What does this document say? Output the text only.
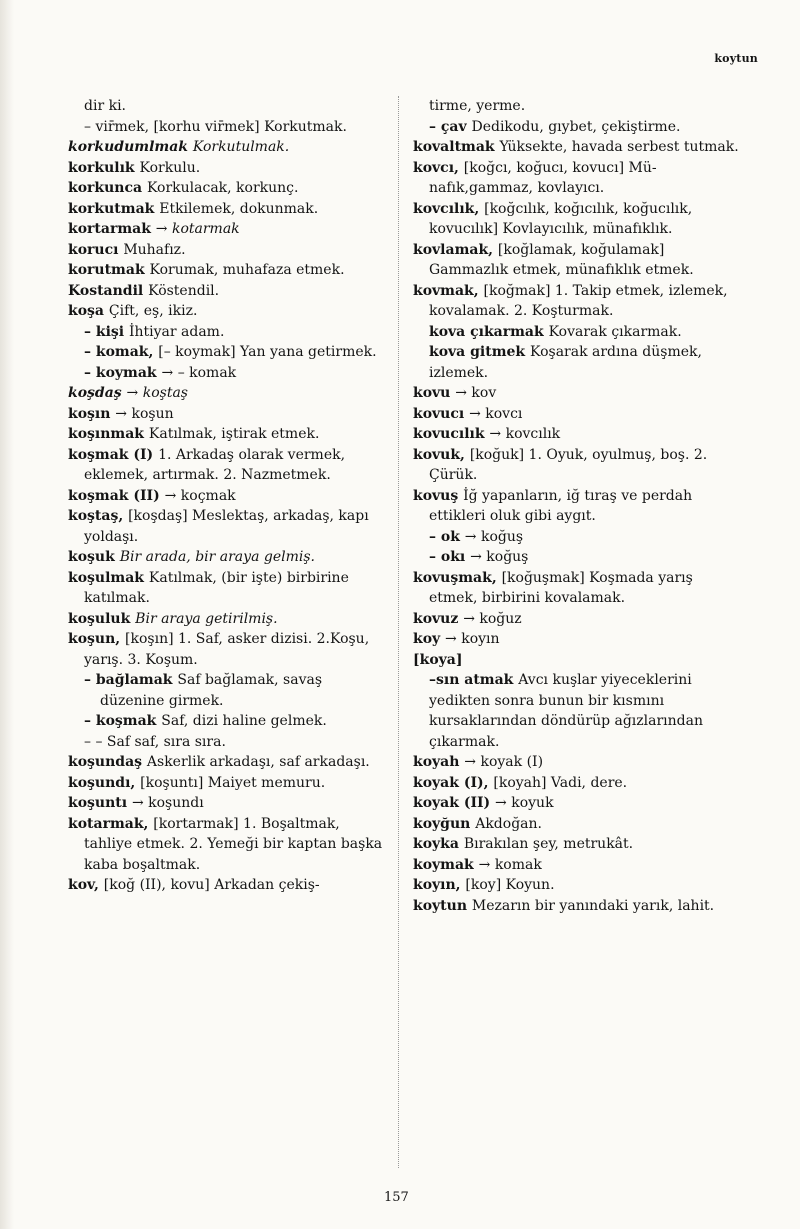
koytun

dir ki.

– vir̄mek, [korhu vir̄mek] Korkutmak.

korkudumlmak Korkutulmak.

korkulık Korkulu.

korkunca Korkulacak, korkunç.

korkutmak Etkilemek, dokunmak.

kortarmak → kotarmak

korucı Muhafız.

korutmak Korumak, muhafaza etmek.

Kostandil Köstendil.

koşa Çift, eş, ikiz.

– kişi İhtiyar adam.

– komak, [– koymak] Yan yana getirmek.

– koymak → – komak

koşdaş → koştaş

koşın → koşun

koşınmak Katılmak, iştirak etmek.

koşmak (I) 1. Arkadaş olarak vermek, eklemek, artırmak. 2. Nazmetmek.

koşmak (II) → koçmak

koştaş, [koşdaş] Meslektaş, arkadaş, kapı yoldaşı.

koşuk Bir arada, bir araya gelmiş.

koşulmak Katılmak, (bir işte) birbirine katılmak.

koşuluk Bir araya getirilmiş.

koşun, [koşın] 1. Saf, asker dizisi. 2.Koşu, yarış. 3. Koşum.

– bağlamak Saf bağlamak, savaş düzenine girmek.

– koşmak Saf, dizi haline gelmek.

– – Saf saf, sıra sıra.

koşundaş Askerlik arkadaşı, saf arkadaşı.

koşundı, [koşuntı] Maiyet memuru.

koşuntı → koşundı

kotarmak, [kortarmak] 1. Boşaltmak, tahliye etmek. 2. Yemeği bir kaptan başka kaba boşaltmak.

kov, [koğ (II), kovu] Arkadan çekiş-

tirme, yerme.

– çav Dedikodu, gıybet, çekiştirme.

kovaltmak Yüksekte, havada serbest tutmak.

kovcı, [koğcı, koğucı, kovucı] Münafık,gammaz, kovlayıcı.

kovcılık, [koğcılık, koğıcılık, koğucılık, kovucılık] Kovlayıcılık, münafıklık.

kovlamak, [koğlamak, koğulamak] Gammazlık etmek, münafıklık etmek.

kovmak, [koğmak] 1. Takip etmek, izlemek, kovalamak. 2. Koşturmak.

kova çıkarmak Kovarak çıkarmak.

kova gitmek Koşarak ardına düşmek, izlemek.

kovu → kov

kovucı → kovcı

kovucılık → kovcılık

kovuk, [koğuk] 1. Oyuk, oyulmuş, boş. 2. Çürük.

kovuş İğ yapanların, iğ tıraş ve perdah ettikleri oluk gibi aygıt.

– ok → koğuş

– okı → koğuş

kovuşmak, [koğuşmak] Koşmada yarış etmek, birbirini kovalamak.

kovuz → koğuz

koy → koyın

[koya]

–sın atmak Avcı kuşlar yiyeceklerini yedikten sonra bunun bir kısmını kursaklarından döndürüp ağızlarından çıkarmak.

koyah → koyak (I)

koyak (I), [koyah] Vadi, dere.

koyak (II) → koyuk

koyğun Akdoğan.

koyka Bırakılan şey, metrukât.

koymak → komak

koyın, [koy] Koyun.

koytun Mezarın bir yanındaki yarık, lahit.

157
